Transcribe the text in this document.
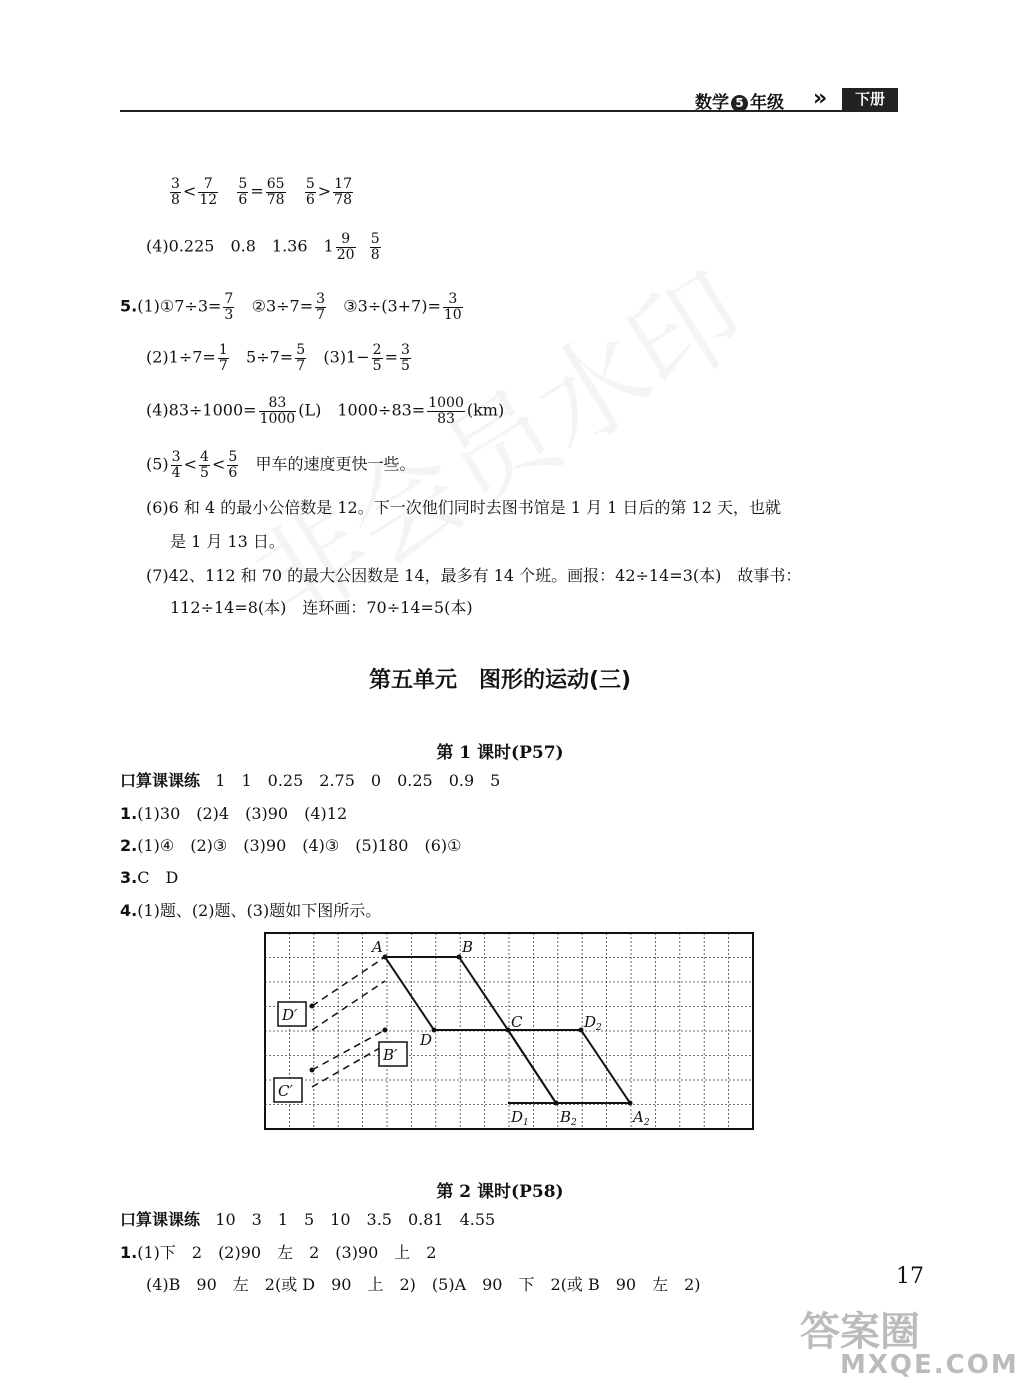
数学 5 年级 »	下册
$\frac{3}{8} < \frac{7}{12}$
$\frac{5}{6} = \frac{65}{78}$
$\frac{5}{6} > \frac{17}{78}$
(4)0.225　0.8　1.36　$1 \frac{9}{20}$
$\frac{5}{8}$
5.(1)①7÷3= $\frac{7}{3}$ ②3÷7= $\frac{3}{7}$ ③3÷(3+7)= $\frac{3}{10}$
$(2)1\div 7= \frac{1}{7} 5\div 7= \frac{5}{7} (3)1- \frac{2}{5} = \frac{3}{5}$
$(4)83\div 1000= \frac{83}{1000} (L)$　$1000\div 83= \frac{1000}{83} (km)$
$(5) \frac{3}{4} < \frac{4}{5} < \frac{5}{6}$ 甲车的速度更快一些。
(6)6 和 4 的最小公倍数是 12。下一次他们同时去图书馆是 1 月 1 日后的第 12 天，也就
是 1 月 13 日。
(7)42、112 和 70 的最大公因数是 14，最多有 14 个班。画报：42÷14=3(本)　故事书：
112÷14=8(本)　连环画：70÷14=5(本)
第五单元　图形的运动(三)
第 1 课时(P57)
口算课课练 1　1　0.25　2.75　0　0.25　0.9　5
1.(1)30　(2)4　(3)90　(4)12
2.(1)④　(2)③　(3)90　(4)③　(5)180　(6)①
3.C　D
4.(1)题、(2)题、(3)题如下图所示。
A	B
D
C	$D_2$
$D_1$ $B_2$	$A_2$
D′
B′
C′
第 2 课时(P58)
口算课课练 10　3　1　5　10　3.5　0.81　4.55
1.(1)下　2　(2)90　左　2　(3)90　上　2
(4)B　90　左　2(或 D　90　上　2)　(5)A　90　下　2(或 B　90　左　2)	17
答案圈
MXQE.COM
